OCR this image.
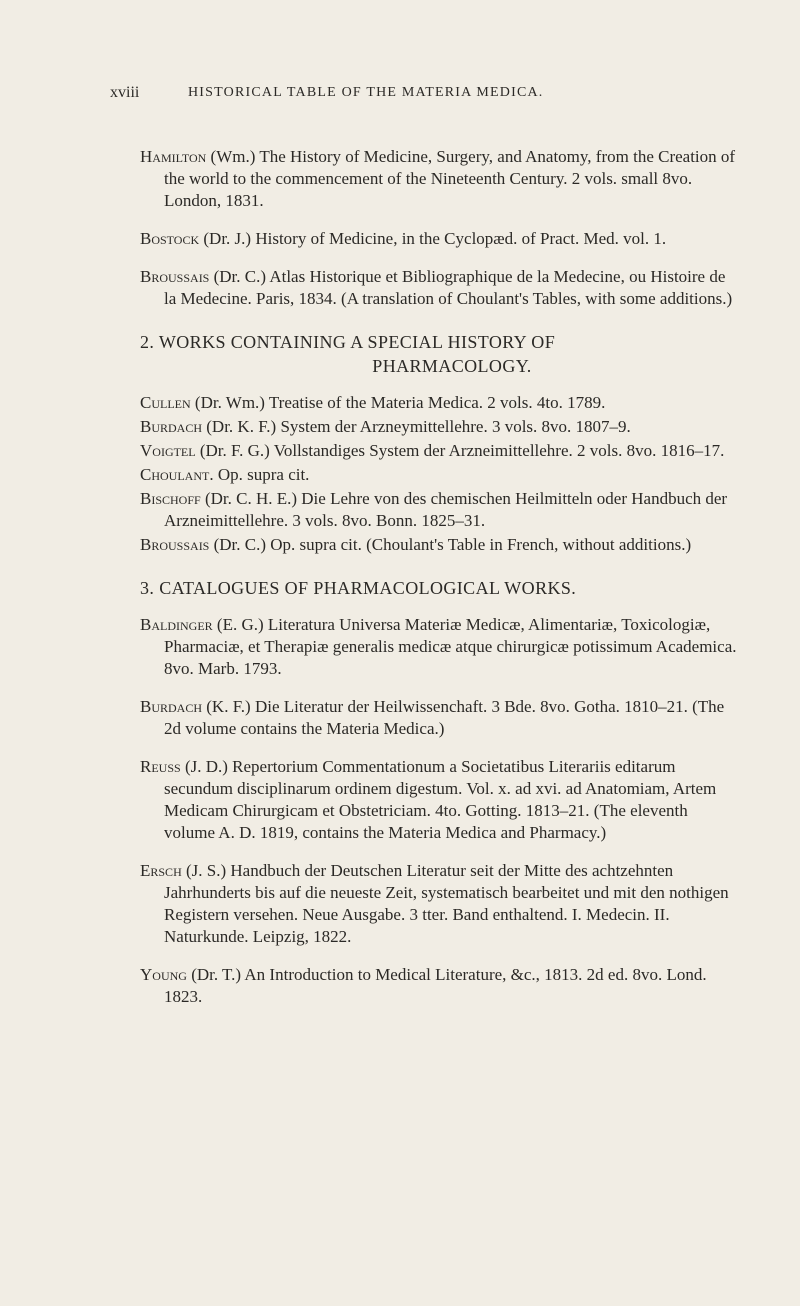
xviii	HISTORICAL TABLE OF THE MATERIA MEDICA.

Hamilton (Wm.) The History of Medicine, Surgery, and Anatomy, from the Creation of the world to the commencement of the Nineteenth Century. 2 vols. small 8vo. London, 1831.

Bostock (Dr. J.) History of Medicine, in the Cyclopæd. of Pract. Med. vol. 1.

Broussais (Dr. C.) Atlas Historique et Bibliographique de la Medecine, ou Histoire de la Medecine. Paris, 1834. (A translation of Choulant's Tables, with some additions.)

2. WORKS CONTAINING A SPECIAL HISTORY OF
PHARMACOLOGY.

Cullen (Dr. Wm.) Treatise of the Materia Medica. 2 vols. 4to. 1789.

Burdach (Dr. K. F.) System der Arzneymittellehre. 3 vols. 8vo. 1807–9.

Voigtel (Dr. F. G.) Vollstandiges System der Arzneimittellehre. 2 vols. 8vo. 1816–17.

Choulant. Op. supra cit.

Bischoff (Dr. C. H. E.) Die Lehre von des chemischen Heilmitteln oder Handbuch der Arzneimittellehre. 3 vols. 8vo. Bonn. 1825–31.

Broussais (Dr. C.) Op. supra cit. (Choulant's Table in French, without additions.)

3. CATALOGUES OF PHARMACOLOGICAL WORKS.

Baldinger (E. G.) Literatura Universa Materiæ Medicæ, Alimentariæ, Toxicologiæ, Pharmaciæ, et Therapiæ generalis medicæ atque chirurgicæ potissimum Academica. 8vo. Marb. 1793.

Burdach (K. F.) Die Literatur der Heilwissenchaft. 3 Bde. 8vo. Gotha. 1810–21. (The 2d volume contains the Materia Medica.)

Reuss (J. D.) Repertorium Commentationum a Societatibus Literariis editarum secundum disciplinarum ordinem digestum. Vol. x. ad xvi. ad Anatomiam, Artem Medicam Chirurgicam et Obstetriciam. 4to. Gotting. 1813–21. (The eleventh volume A. D. 1819, contains the Materia Medica and Pharmacy.)

Ersch (J. S.) Handbuch der Deutschen Literatur seit der Mitte des achtzehnten Jahrhunderts bis auf die neueste Zeit, systematisch bearbeitet und mit den nothigen Registern versehen. Neue Ausgabe. 3 tter. Band enthaltend. I. Medecin. II. Naturkunde. Leipzig, 1822.

Young (Dr. T.) An Introduction to Medical Literature, &c., 1813. 2d ed. 8vo. Lond. 1823.
